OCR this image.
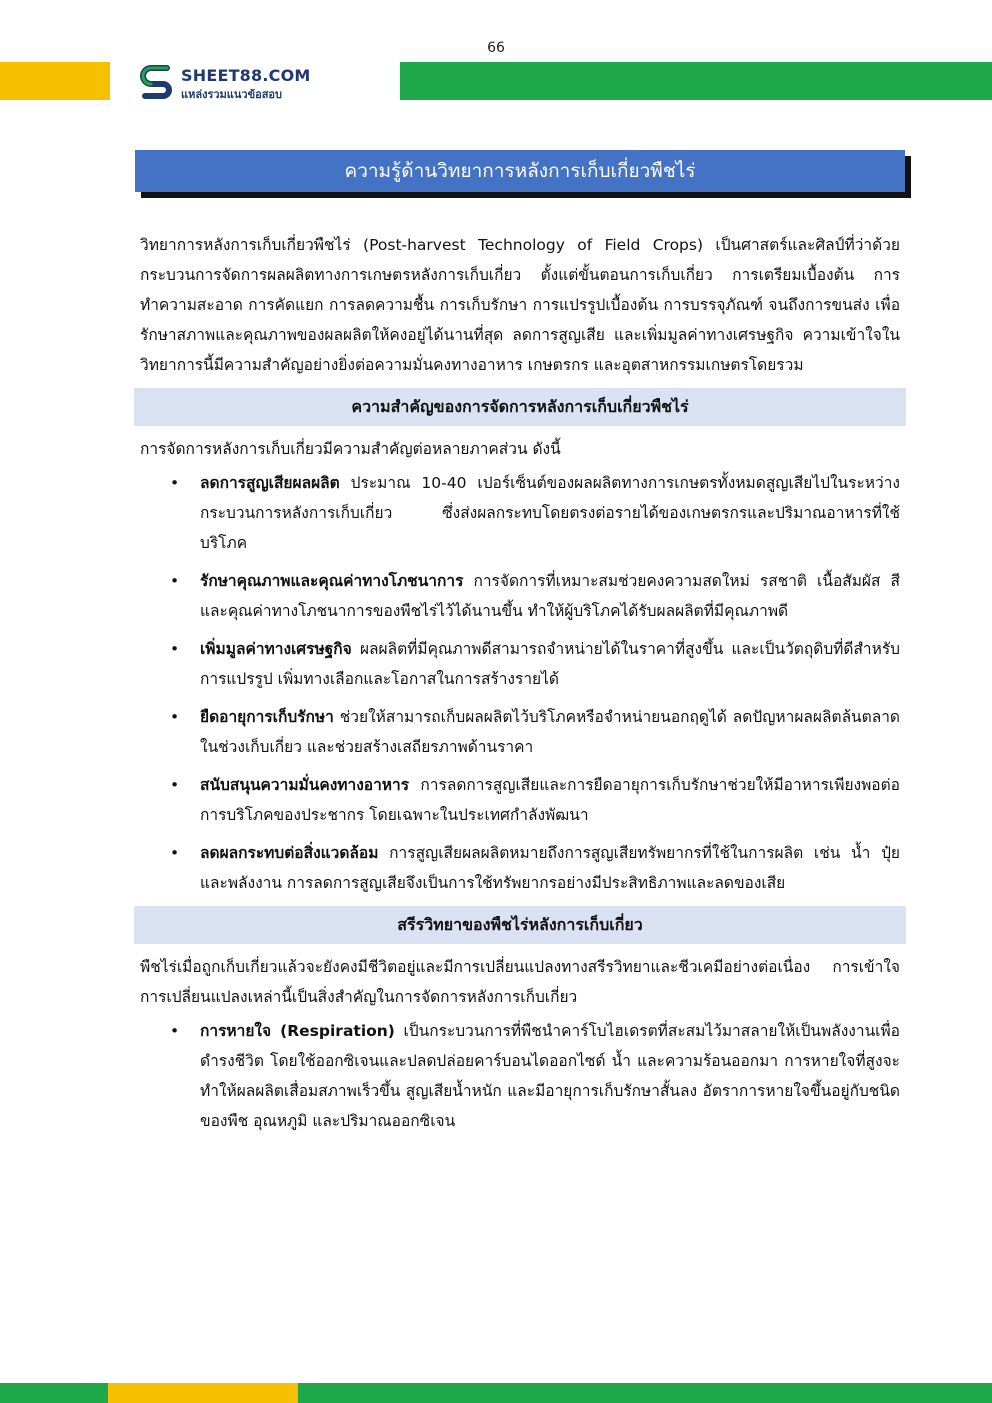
66
SHEET88.COM
แหล่งรวมแนวข้อสอบ
ความรู้ด้านวิทยาการหลังการเก็บเกี่ยวพืชไร่

วิทยาการหลังการเก็บเกี่ยวพืชไร่ (Post-harvest Technology of Field Crops) เป็นศาสตร์และศิลป์ที่ว่าด้วยกระบวนการจัดการผลผลิตทางการเกษตรหลังการเก็บเกี่ยว ตั้งแต่ขั้นตอนการเก็บเกี่ยว การเตรียมเบื้องต้น การทำความสะอาด การคัดแยก การลดความชื้น การเก็บรักษา การแปรรูปเบื้องต้น การบรรจุภัณฑ์ จนถึงการขนส่ง เพื่อรักษาสภาพและคุณภาพของผลผลิตให้คงอยู่ได้นานที่สุด ลดการสูญเสีย และเพิ่มมูลค่าทางเศรษฐกิจ ความเข้าใจในวิทยาการนี้มีความสำคัญอย่างยิ่งต่อความมั่นคงทางอาหาร เกษตรกร และอุตสาหกรรมเกษตรโดยรวม

ความสำคัญของการจัดการหลังการเก็บเกี่ยวพืชไร่

การจัดการหลังการเก็บเกี่ยวมีความสำคัญต่อหลายภาคส่วน ดังนี้

• ลดการสูญเสียผลผลิต ประมาณ 10-40 เปอร์เซ็นต์ของผลผลิตทางการเกษตรทั้งหมดสูญเสียไปในระหว่างกระบวนการหลังการเก็บเกี่ยว ซึ่งส่งผลกระทบโดยตรงต่อรายได้ของเกษตรกรและปริมาณอาหารที่ใช้บริโภค
• รักษาคุณภาพและคุณค่าทางโภชนาการ การจัดการที่เหมาะสมช่วยคงความสดใหม่ รสชาติ เนื้อสัมผัส สี และคุณค่าทางโภชนาการของพืชไร่ไว้ได้นานขึ้น ทำให้ผู้บริโภคได้รับผลผลิตที่มีคุณภาพดี
• เพิ่มมูลค่าทางเศรษฐกิจ ผลผลิตที่มีคุณภาพดีสามารถจำหน่ายได้ในราคาที่สูงขึ้น และเป็นวัตถุดิบที่ดีสำหรับการแปรรูป เพิ่มทางเลือกและโอกาสในการสร้างรายได้
• ยืดอายุการเก็บรักษา ช่วยให้สามารถเก็บผลผลิตไว้บริโภคหรือจำหน่ายนอกฤดูได้ ลดปัญหาผลผลิตล้นตลาดในช่วงเก็บเกี่ยว และช่วยสร้างเสถียรภาพด้านราคา
• สนับสนุนความมั่นคงทางอาหาร การลดการสูญเสียและการยืดอายุการเก็บรักษาช่วยให้มีอาหารเพียงพอต่อการบริโภคของประชากร โดยเฉพาะในประเทศกำลังพัฒนา
• ลดผลกระทบต่อสิ่งแวดล้อม การสูญเสียผลผลิตหมายถึงการสูญเสียทรัพยากรที่ใช้ในการผลิต เช่น น้ำ ปุ๋ย และพลังงาน การลดการสูญเสียจึงเป็นการใช้ทรัพยากรอย่างมีประสิทธิภาพและลดของเสีย
สรีรวิทยาของพืชไร่หลังการเก็บเกี่ยว

พืชไร่เมื่อถูกเก็บเกี่ยวแล้วจะยังคงมีชีวิตอยู่และมีการเปลี่ยนแปลงทางสรีรวิทยาและชีวเคมีอย่างต่อเนื่อง การเข้าใจการเปลี่ยนแปลงเหล่านี้เป็นสิ่งสำคัญในการจัดการหลังการเก็บเกี่ยว

• การหายใจ (Respiration) เป็นกระบวนการที่พืชนำคาร์โบไฮเดรตที่สะสมไว้มาสลายให้เป็นพลังงานเพื่อดำรงชีวิต โดยใช้ออกซิเจนและปลดปล่อยคาร์บอนไดออกไซด์ น้ำ และความร้อนออกมา การหายใจที่สูงจะทำให้ผลผลิตเสื่อมสภาพเร็วขึ้น สูญเสียน้ำหนัก และมีอายุการเก็บรักษาสั้นลง อัตราการหายใจขึ้นอยู่กับชนิดของพืช อุณหภูมิ และปริมาณออกซิเจน
